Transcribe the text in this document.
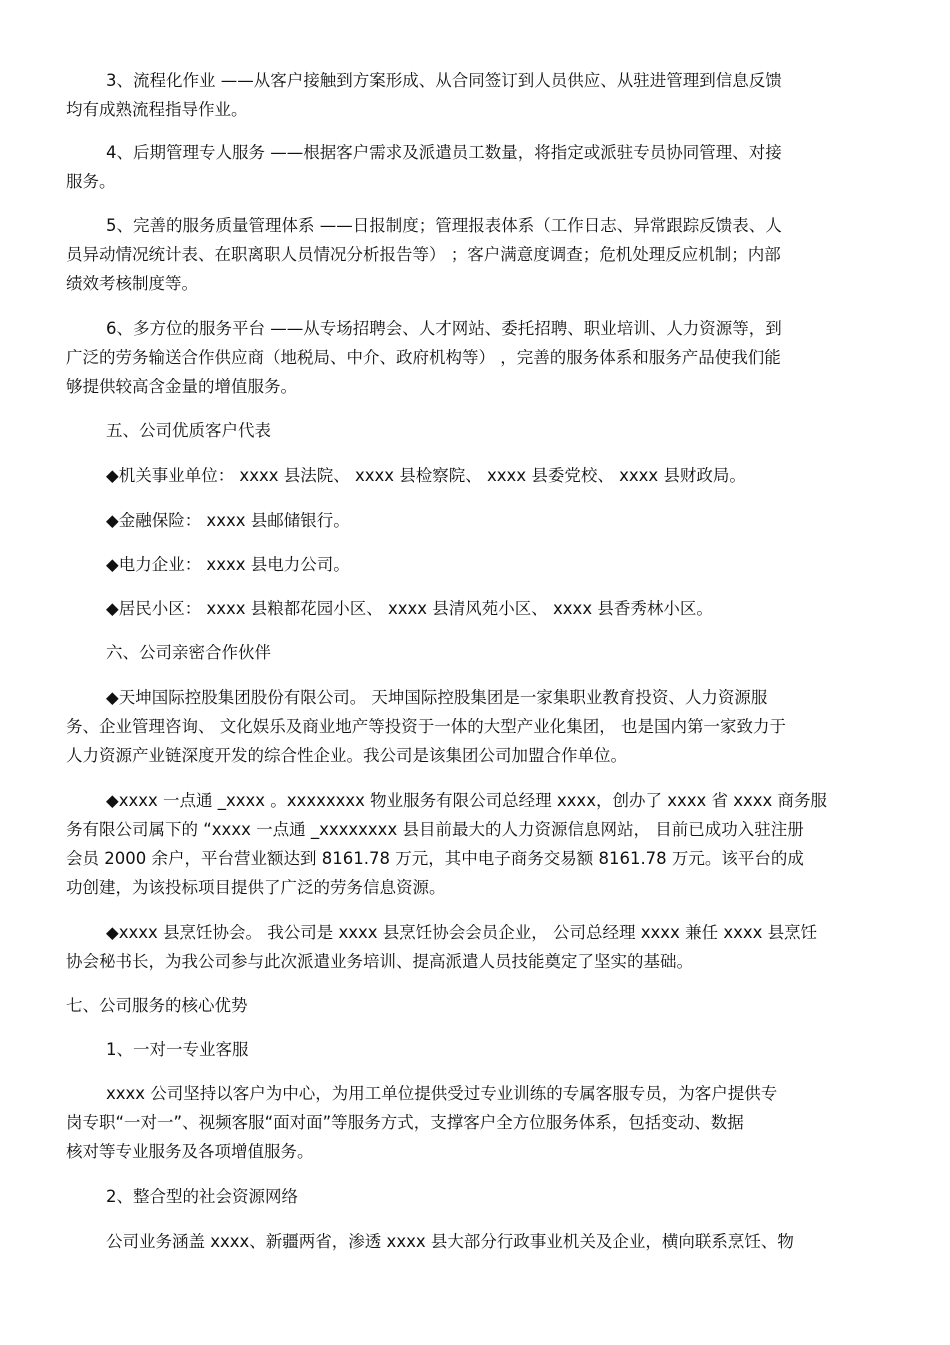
3、流程化作业 ——从客户接触到方案形成、从合同签订到人员供应、从驻进管理到信息反馈
均有成熟流程指导作业。

4、后期管理专人服务 ——根据客户需求及派遣员工数量，将指定或派驻专员协同管理、对接
服务。

5、完善的服务质量管理体系 ——日报制度；管理报表体系（工作日志、异常跟踪反馈表、人
员异动情况统计表、在职离职人员情况分析报告等） ；客户满意度调查；危机处理反应机制；内部
绩效考核制度等。

6、多方位的服务平台 ——从专场招聘会、人才网站、委托招聘、职业培训、人力资源等，到
广泛的劳务输送合作供应商（地税局、中介、政府机构等） ，完善的服务体系和服务产品使我们能
够提供较高含金量的增值服务。

五、公司优质客户代表

◆机关事业单位： xxxx 县法院、 xxxx 县检察院、 xxxx 县委党校、 xxxx 县财政局。

◆金融保险： xxxx 县邮储银行。

◆电力企业： xxxx 县电力公司。

◆居民小区： xxxx 县粮都花园小区、 xxxx 县清风苑小区、 xxxx 县香秀林小区。

六、公司亲密合作伙伴

◆天坤国际控股集团股份有限公司。 天坤国际控股集团是一家集职业教育投资、人力资源服
务、企业管理咨询、 文化娱乐及商业地产等投资于一体的大型产业化集团， 也是国内第一家致力于
人力资源产业链深度开发的综合性企业。我公司是该集团公司加盟合作单位。

◆xxxx 一点通 _xxxx 。xxxxxxxx 物业服务有限公司总经理 xxxx，创办了 xxxx 省 xxxx 商务服
务有限公司属下的 “xxxx 一点通 _xxxxxxxx 县目前最大的人力资源信息网站， 目前已成功入驻注册
会员 2000 余户，平台营业额达到 8161.78 万元，其中电子商务交易额 8161.78 万元。该平台的成
功创建，为该投标项目提供了广泛的劳务信息资源。

◆xxxx 县烹饪协会。 我公司是 xxxx 县烹饪协会会员企业， 公司总经理 xxxx 兼任 xxxx 县烹饪
协会秘书长，为我公司参与此次派遣业务培训、提高派遣人员技能奠定了坚实的基础。

七、公司服务的核心优势

1、一对一专业客服

xxxx 公司坚持以客户为中心，为用工单位提供受过专业训练的专属客服专员，为客户提供专
岗专职“一对一”、视频客服“面对面”等服务方式，支撑客户全方位服务体系，包括变动、数据
核对等专业服务及各项增值服务。

2、整合型的社会资源网络

公司业务涵盖 xxxx、新疆两省，渗透 xxxx 县大部分行政事业机关及企业，横向联系烹饪、物
